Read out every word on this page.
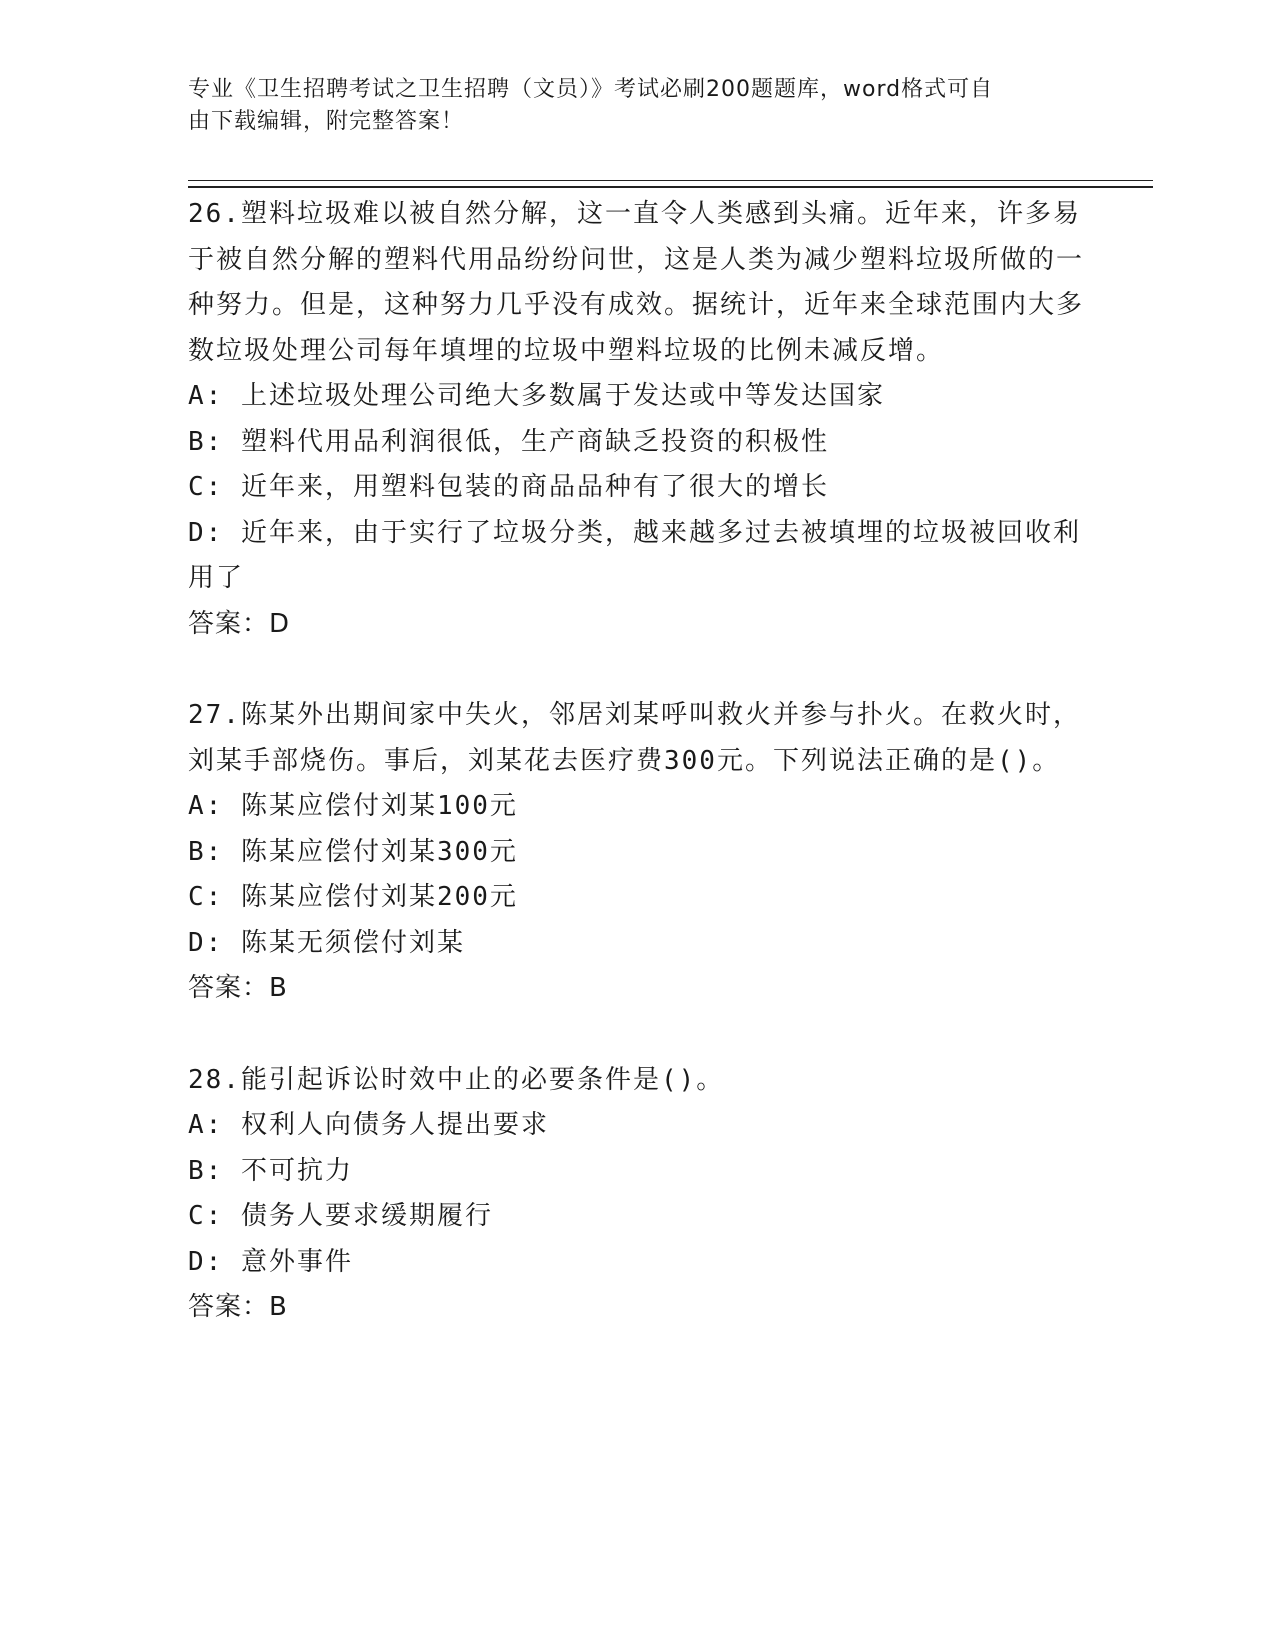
专业《卫生招聘考试之卫生招聘（文员）》考试必刷200题题库，word格式可自
由下载编辑，附完整答案！

26.塑料垃圾难以被自然分解，这一直令人类感到头痛。近年来，许多易于被自然分解的塑料代用品纷纷问世，这是人类为减少塑料垃圾所做的一种努力。但是，这种努力几乎没有成效。据统计，近年来全球范围内大多数垃圾处理公司每年填埋的垃圾中塑料垃圾的比例未减反增。

A: 上述垃圾处理公司绝大多数属于发达或中等发达国家

B: 塑料代用品利润很低，生产商缺乏投资的积极性

C: 近年来，用塑料包装的商品品种有了很大的增长

D: 近年来，由于实行了垃圾分类，越来越多过去被填埋的垃圾被回收利用了

答案：D

27.陈某外出期间家中失火，邻居刘某呼叫救火并参与扑火。在救火时，刘某手部烧伤。事后，刘某花去医疗费300元。下列说法正确的是()。

A: 陈某应偿付刘某100元

B: 陈某应偿付刘某300元

C: 陈某应偿付刘某200元

D: 陈某无须偿付刘某

答案：B

28.能引起诉讼时效中止的必要条件是()。

A: 权利人向债务人提出要求

B: 不可抗力

C: 债务人要求缓期履行

D: 意外事件

答案：B
